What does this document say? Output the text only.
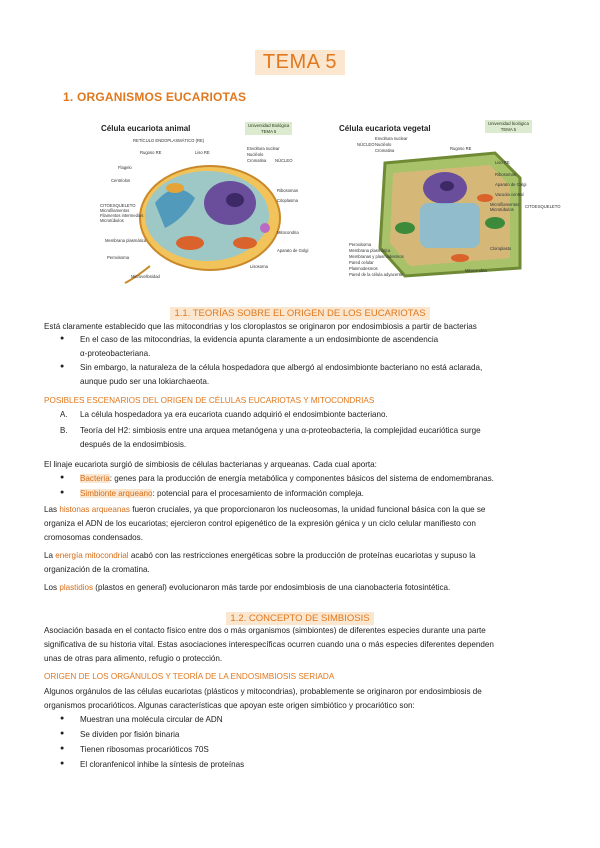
TEMA 5
1. ORGANISMOS EUCARIOTAS
Célula eucariota animal	Universidad Biológica
TEMA 5
RETÍCULO ENDOPLASMÁTICO (RE)
Rugoso RE	Liso RE
Flagelo
Centríolos
CITOESQUELETO
Microfilamentos
Filamentos intermedios
Microtúbulos
Membrana plasmática
Peroxisoma
Microvellosidad
Envoltura nuclear
Nucléolo
Cromatina NÚCLEO
Ribosomas
Aparato de Golgi
Mitocondria
Lisosoma
Citoplasma
Célula eucariota vegetal
Universidad biológica
TEMA 5
Envoltura nuclear
NÚCLEO Nucléolo
Cromatina	Rugoso RE
Liso RE
Ribosomas
Aparato de Golgi
Vacuola central
Microfilamentos
Microtúbulos
CITOESQUELETO
Cloroplasto
Mitocondria
Peroxisoma
Membrana plasmática
Pared celular
Plasmodesmos
Pared de la célula adyacente
Membranas y plasmodesmos
1.1. TEORÍAS SOBRE EL ORIGEN DE LOS EUCARIOTAS
Está claramente establecido que las mitocondrias y los cloroplastos se originaron por endosimbiosis a partir de bacterias
● En el caso de las mitocondrias, la evidencia apunta claramente a un endosimbionte de ascendencia
α-proteobacteriana.
● Sin embargo, la naturaleza de la célula hospedadora que albergó al endosimbionte bacteriano no está aclarada,
aunque pudo ser una lokiarchaeota.
POSIBLES ESCENARIOS DEL ORIGEN DE CÉLULAS EUCARIOTAS Y MITOCONDRIAS
A. La célula hospedadora ya era eucariota cuando adquirió el endosimbionte bacteriano.
B. Teoría del H2: simbiosis entre una arquea metanógena y una α-proteobacteria, la complejidad eucariótica surge
después de la endosimbiosis.
El linaje eucariota surgió de simbiosis de células bacterianas y arqueanas. Cada cual aporta:
● Bacteria: genes para la producción de energía metabólica y componentes básicos del sistema de endomembranas.
● Simbionte arqueano: potencial para el procesamiento de información compleja.
Las histonas arqueanas fueron cruciales, ya que proporcionaron los nucleosomas, la unidad funcional básica con la que se
organiza el ADN de los eucariotas; ejercieron control epigenético de la expresión génica y un ciclo celular manifiesto con
cromosomas condensados.
La energía mitocondrial acabó con las restricciones energéticas sobre la producción de proteínas eucariotas y supuso la
organización de la cromatina.
Los plastidios (plastos en general) evolucionaron más tarde por endosimbiosis de una cianobacteria fotosintética.
1.2. CONCEPTO DE SIMBIOSIS
Asociación basada en el contacto físico entre dos o más organismos (simbiontes) de diferentes especies durante una parte
significativa de su historia vital. Estas asociaciones interespecíficas ocurren cuando una o más especies diferentes dependen
unas de otras para alimento, refugio o protección.
ORIGEN DE LOS ORGÁNULOS Y TEORÍA DE LA ENDOSIMBIOSIS SERIADA
Algunos orgánulos de las células eucariotas (plásticos y mitocondrias), probablemente se originaron por endosimbiosis de
organismos procarióticos. Algunas características que apoyan este origen simbiótico y procariótico son:
● Muestran una molécula circular de ADN
● Se dividen por fisión binaria
● Tienen ribosomas procarióticos 70S
● El cloranfenicol inhibe la síntesis de proteínas
